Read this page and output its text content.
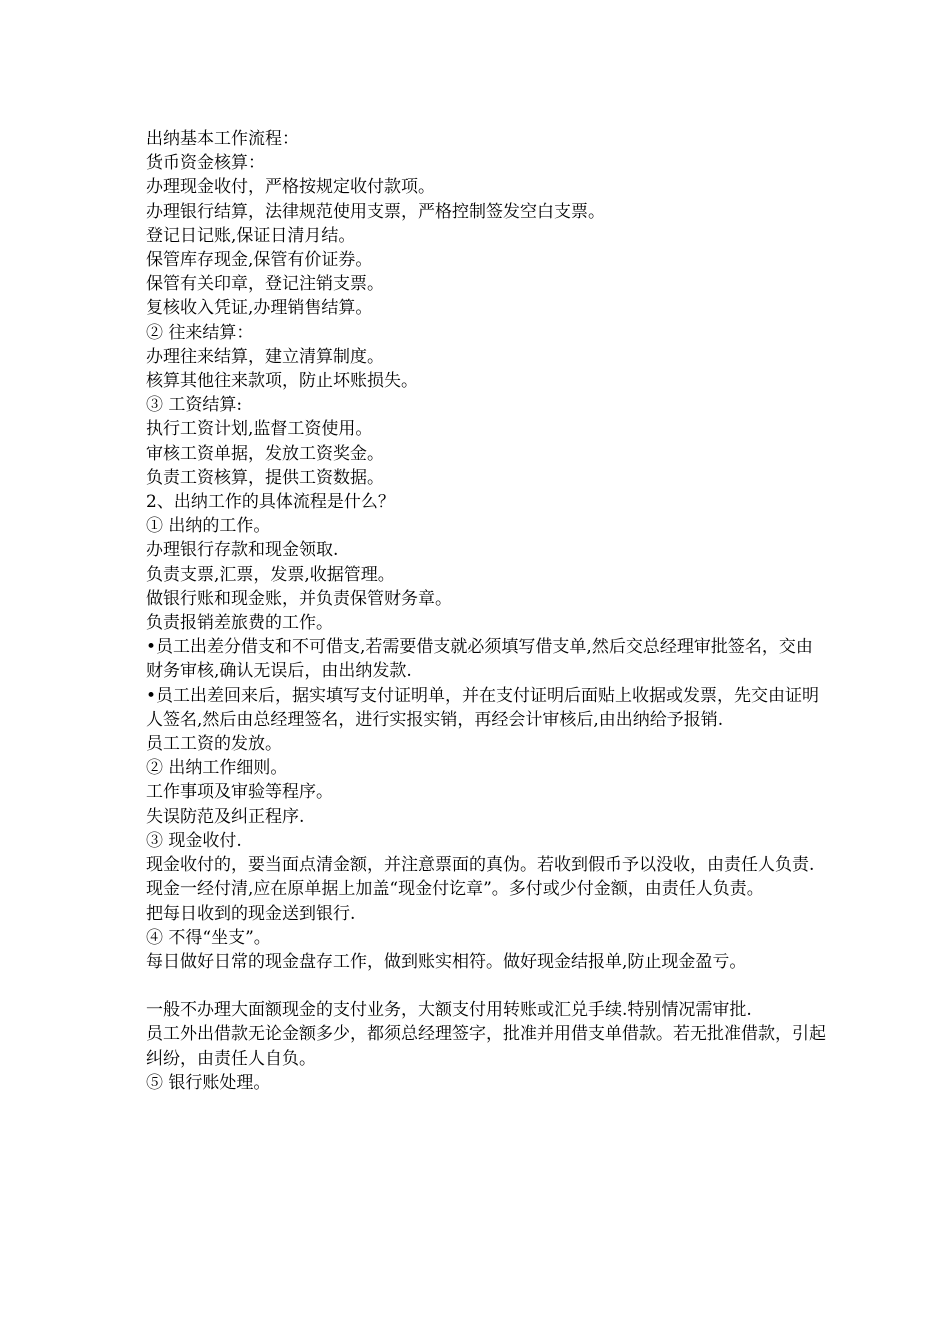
出纳基本工作流程：

货币资金核算：

办理现金收付，严格按规定收付款项。

办理银行结算，法律规范使用支票，严格控制签发空白支票。

登记日记账,保证日清月结。

保管库存现金,保管有价证券。

保管有关印章，登记注销支票。

复核收入凭证,办理销售结算。

② 往来结算：

办理往来结算，建立清算制度。

核算其他往来款项，防止坏账损失。

③ 工资结算:

执行工资计划,监督工资使用。

审核工资单据，发放工资奖金。

负责工资核算，提供工资数据。

2、出纳工作的具体流程是什么？

① 出纳的工作。

办理银行存款和现金领取.

负责支票,汇票，发票,收据管理。

做银行账和现金账，并负责保管财务章。

负责报销差旅费的工作。

•员工出差分借支和不可借支,若需要借支就必须填写借支单,然后交总经理审批签名，交由财务审核,确认无误后，由出纳发款.

•员工出差回来后，据实填写支付证明单，并在支付证明后面贴上收据或发票，先交由证明人签名,然后由总经理签名，进行实报实销，再经会计审核后,由出纳给予报销.

员工工资的发放。

② 出纳工作细则。

工作事项及审验等程序。

失误防范及纠正程序.

③ 现金收付.

现金收付的，要当面点清金额，并注意票面的真伪。若收到假币予以没收，由责任人负责.

现金一经付清,应在原单据上加盖“现金付讫章”。多付或少付金额，由责任人负责。

把每日收到的现金送到银行.

④ 不得“坐支”。

每日做好日常的现金盘存工作，做到账实相符。做好现金结报单,防止现金盈亏。

一般不办理大面额现金的支付业务，大额支付用转账或汇兑手续.特别情况需审批.

员工外出借款无论金额多少，都须总经理签字，批准并用借支单借款。若无批准借款，引起纠纷，由责任人自负。

⑤ 银行账处理。
